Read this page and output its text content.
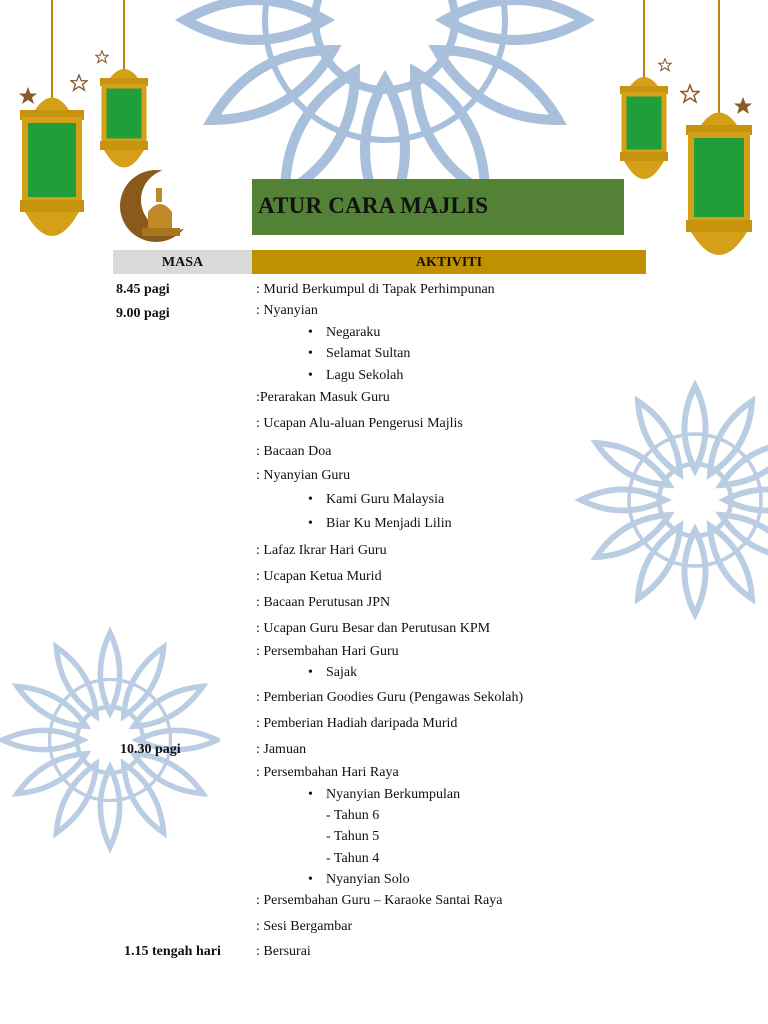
ATUR CARA MAJLIS
MASA	AKTIVITI
8.45 pagi
9.00 pagi
10.30 pagi
1.15 tengah hari
: Murid Berkumpul di Tapak Perhimpunan
: Nyanyian
• Negaraku
• Selamat Sultan
• Lagu Sekolah
:Perarakan Masuk Guru
: Ucapan Alu-aluan Pengerusi Majlis
: Bacaan Doa
: Nyanyian Guru
• Kami Guru Malaysia
• Biar Ku Menjadi Lilin
: Lafaz Ikrar Hari Guru
: Ucapan Ketua Murid
: Bacaan Perutusan JPN
: Ucapan Guru Besar dan Perutusan KPM
: Persembahan Hari Guru
• Sajak
: Pemberian Goodies Guru (Pengawas Sekolah)
: Pemberian Hadiah daripada Murid
: Jamuan
: Persembahan Hari Raya
• Nyanyian Berkumpulan
- Tahun 6
- Tahun 5
- Tahun 4
• Nyanyian Solo
: Persembahan Guru – Karaoke Santai Raya
: Sesi Bergambar
: Bersurai
